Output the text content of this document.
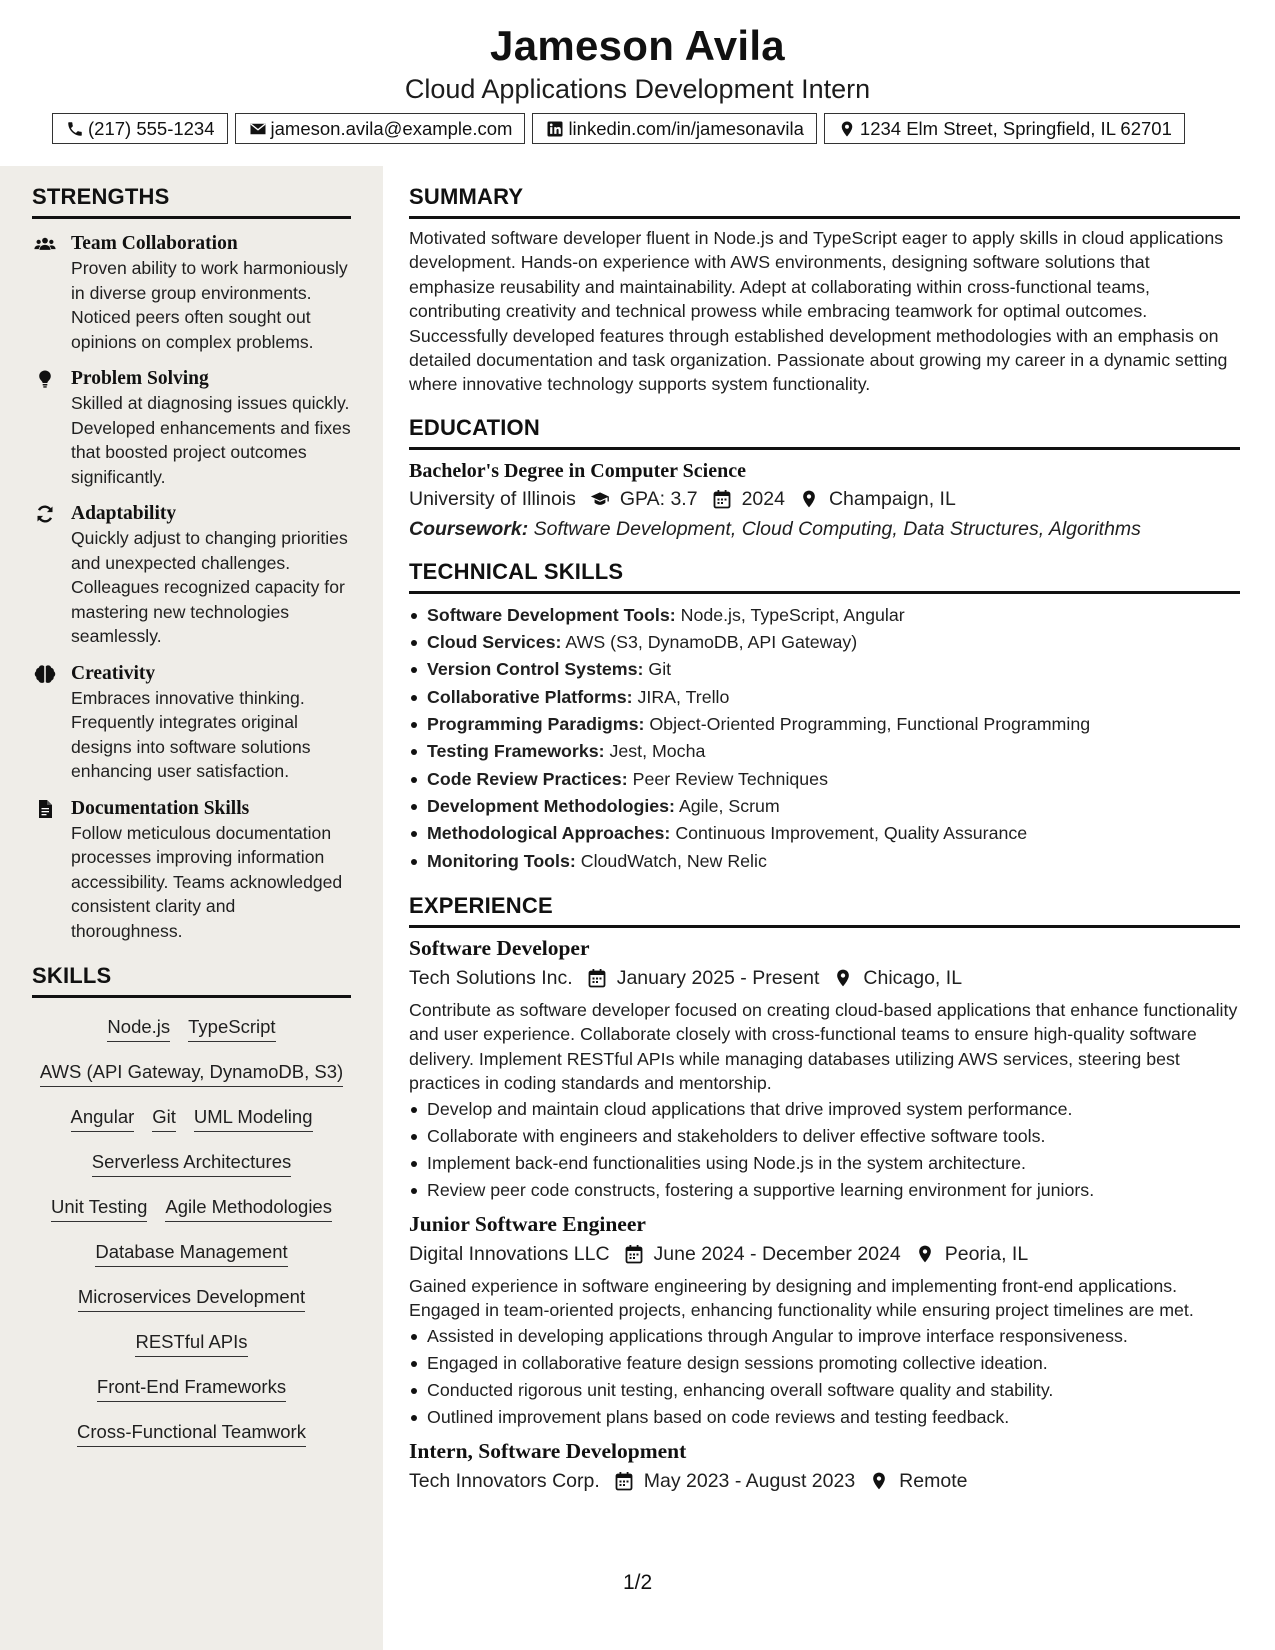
Jameson Avila
Cloud Applications Development Intern
(217) 555-1234	jameson.avila@example.com	linkedin.com/in/jamesonavila	1234 Elm Street, Springfield, IL 62701
STRENGTHS
Team Collaboration
Proven ability to work harmoniously in diverse group environments. Noticed peers often sought out opinions on complex problems.
Problem Solving
Skilled at diagnosing issues quickly. Developed enhancements and fixes that boosted project outcomes significantly.
Adaptability
Quickly adjust to changing priorities and unexpected challenges. Colleagues recognized capacity for mastering new technologies seamlessly.
Creativity
Embraces innovative thinking. Frequently integrates original designs into software solutions enhancing user satisfaction.
Documentation Skills
Follow meticulous documentation processes improving information accessibility. Teams acknowledged consistent clarity and thoroughness.
SKILLS
Node.js TypeScript
AWS (API Gateway, DynamoDB, S3)
Angular Git UML Modeling
Serverless Architectures
Unit Testing Agile Methodologies
Database Management
Microservices Development
RESTful APIs
Front-End Frameworks
Cross-Functional Teamwork
SUMMARY
Motivated software developer fluent in Node.js and TypeScript eager to apply skills in cloud applications development. Hands-on experience with AWS environments, designing software solutions that emphasize reusability and maintainability. Adept at collaborating within cross-functional teams, contributing creativity and technical prowess while embracing teamwork for optimal outcomes. Successfully developed features through established development methodologies with an emphasis on detailed documentation and task organization. Passionate about growing my career in a dynamic setting where innovative technology supports system functionality.
EDUCATION
Bachelor's Degree in Computer Science
University of Illinois GPA: 3.7 2024 Champaign, IL
Coursework: Software Development, Cloud Computing, Data Structures, Algorithms
TECHNICAL SKILLS
Software Development Tools: Node.js, TypeScript, Angular
Cloud Services: AWS (S3, DynamoDB, API Gateway)
Version Control Systems: Git
Collaborative Platforms: JIRA, Trello
Programming Paradigms: Object-Oriented Programming, Functional Programming
Testing Frameworks: Jest, Mocha
Code Review Practices: Peer Review Techniques
Development Methodologies: Agile, Scrum
Methodological Approaches: Continuous Improvement, Quality Assurance
Monitoring Tools: CloudWatch, New Relic
EXPERIENCE
Software Developer
Tech Solutions Inc. January 2025 - Present Chicago, IL
Contribute as software developer focused on creating cloud-based applications that enhance functionality and user experience. Collaborate closely with cross-functional teams to ensure high-quality software delivery. Implement RESTful APIs while managing databases utilizing AWS services, steering best practices in coding standards and mentorship.
Develop and maintain cloud applications that drive improved system performance.
Collaborate with engineers and stakeholders to deliver effective software tools.
Implement back-end functionalities using Node.js in the system architecture.
Review peer code constructs, fostering a supportive learning environment for juniors.
Junior Software Engineer
Digital Innovations LLC June 2024 - December 2024 Peoria, IL
Gained experience in software engineering by designing and implementing front-end applications. Engaged in team-oriented projects, enhancing functionality while ensuring project timelines are met.
Assisted in developing applications through Angular to improve interface responsiveness.
Engaged in collaborative feature design sessions promoting collective ideation.
Conducted rigorous unit testing, enhancing overall software quality and stability.
Outlined improvement plans based on code reviews and testing feedback.
Intern, Software Development
Tech Innovators Corp. May 2023 - August 2023 Remote
1/2
